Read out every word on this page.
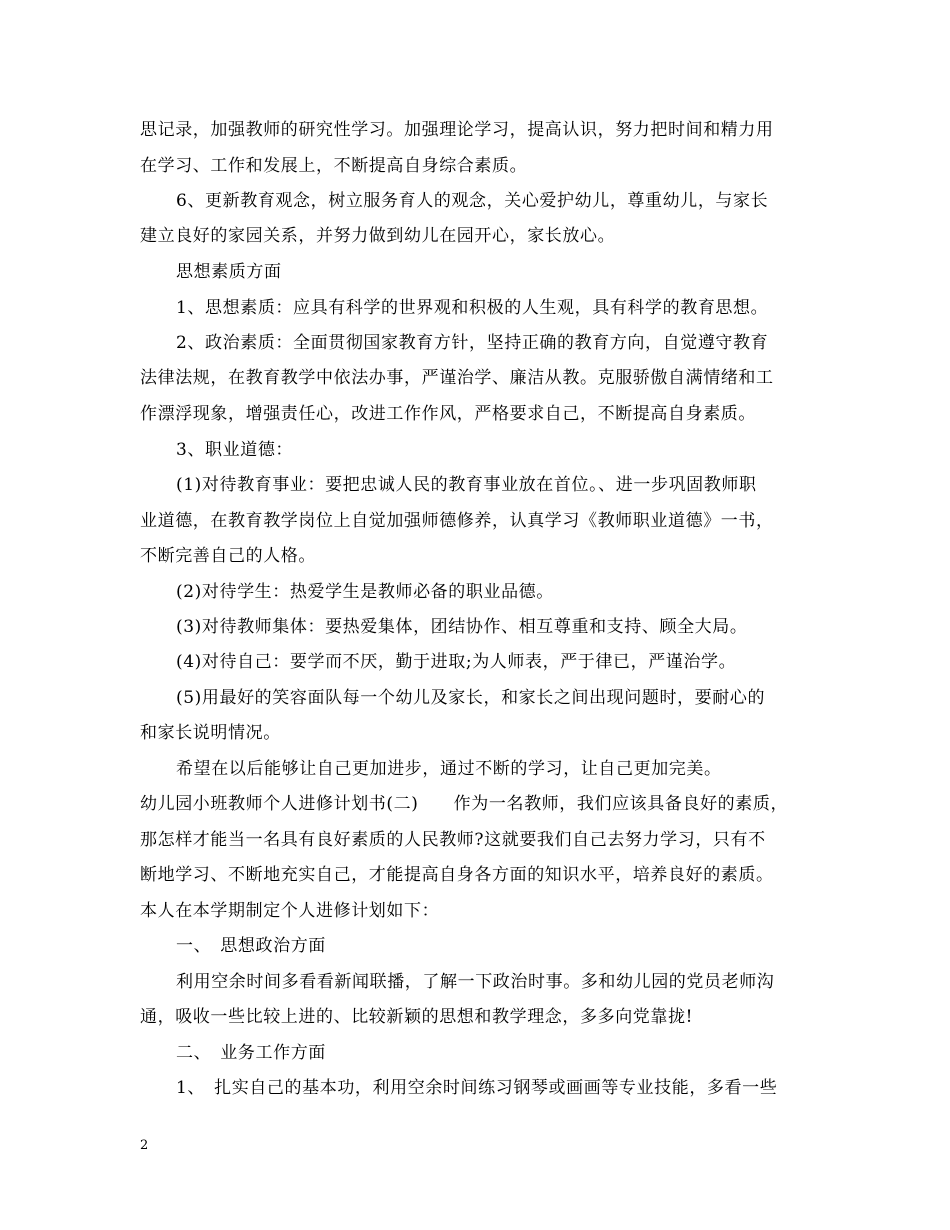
思记录，加强教师的研究性学习。加强理论学习，提高认识，努力把时间和精力用
在学习、工作和发展上，不断提高自身综合素质。
6、更新教育观念，树立服务育人的观念，关心爱护幼儿，尊重幼儿，与家长
建立良好的家园关系，并努力做到幼儿在园开心，家长放心。
思想素质方面
1、思想素质：应具有科学的世界观和积极的人生观，具有科学的教育思想。
2、政治素质：全面贯彻国家教育方针，坚持正确的教育方向，自觉遵守教育
法律法规，在教育教学中依法办事，严谨治学、廉洁从教。克服骄傲自满情绪和工
作漂浮现象，增强责任心，改进工作作风，严格要求自己，不断提高自身素质。
3、职业道德：
(1)对待教育事业：要把忠诚人民的教育事业放在首位。、进一步巩固教师职
业道德，在教育教学岗位上自觉加强师德修养，认真学习《教师职业道德》一书，
不断完善自己的人格。
(2)对待学生：热爱学生是教师必备的职业品德。
(3)对待教师集体：要热爱集体，团结协作、相互尊重和支持、顾全大局。
(4)对待自己：要学而不厌，勤于进取;为人师表，严于律已，严谨治学。
(5)用最好的笑容面队每一个幼儿及家长，和家长之间出现问题时，要耐心的
和家长说明情况。
希望在以后能够让自己更加进步，通过不断的学习，让自己更加完美。
幼儿园小班教师个人进修计划书(二)　　作为一名教师，我们应该具备良好的素质，
那怎样才能当一名具有良好素质的人民教师?这就要我们自己去努力学习，只有不
断地学习、不断地充实自己，才能提高自身各方面的知识水平，培养良好的素质。
本人在本学期制定个人进修计划如下：
一、　思想政治方面
利用空余时间多看看新闻联播，了解一下政治时事。多和幼儿园的党员老师沟
通，吸收一些比较上进的、比较新颖的思想和教学理念，多多向党靠拢!
二、　业务工作方面
1、　扎实自己的基本功，利用空余时间练习钢琴或画画等专业技能，多看一些
2
